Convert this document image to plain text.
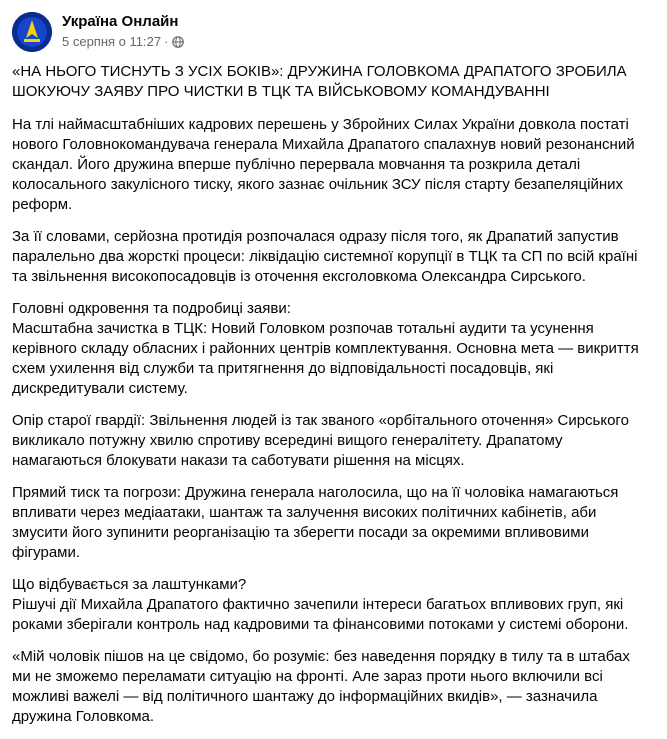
Україна Онлайн
5 серпня о 11:27 ·

«НА НЬОГО ТИСНУТЬ З УСІХ БОКІВ»: ДРУЖИНА ГОЛОВКОМА ДРАПАТОГО ЗРОБИЛА ШОКУЮЧУ ЗАЯВУ ПРО ЧИСТКИ В ТЦК ТА ВІЙСЬКОВОМУ КОМАНДУВАННІ

На тлі наймасштабніших кадрових перешень у Збройних Силах України довкола постаті нового Головнокомандувача генерала Михайла Драпатого спалахнув новий резонансний скандал. Його дружина вперше публічно перервала мовчання та розкрила деталі колосального закулісного тиску, якого зазнає очільник ЗСУ після старту безапеляційних реформ.

За її словами, серйозна протидія розпочалася одразу після того, як Драпатий запустив паралельно два жорсткі процеси: ліквідацію системної корупції в ТЦК та СП по всій країні та звільнення високопосадовців із оточення ексголовкома Олександра Сирського.

Головні одкровення та подробиці заяви:
Масштабна зачистка в ТЦК: Новий Головком розпочав тотальні аудити та усунення керівного складу обласних і районних центрів комплектування. Основна мета — викриття схем ухилення від служби та притягнення до відповідальності посадовців, які дискредитували систему.

Опір старої гвардії: Звільнення людей із так званого «орбітального оточення» Сирського викликало потужну хвилю спротиву всередині вищого генералітету. Драпатому намагаються блокувати накази та саботувати рішення на місцях.

Прямий тиск та погрози: Дружина генерала наголосила, що на її чоловіка намагаються впливати через медіаатаки, шантаж та залучення високих політичних кабінетів, аби змусити його зупинити реорганізацію та зберегти посади за окремими впливовими фігурами.

Що відбувається за лаштунками?
Рішучі дії Михайла Драпатого фактично зачепили інтереси багатьох впливових груп, які роками зберігали контроль над кадровими та фінансовими потоками у системі оборони.

«Мій чоловік пішов на це свідомо, бо розуміє: без наведення порядку в тилу та в штабах ми не зможемо переламати ситуацію на фронті. Але зараз проти нього включили всі можливі важелі — від політичного шантажу до інформаційних вкидів», — зазначила дружина Головкома.
